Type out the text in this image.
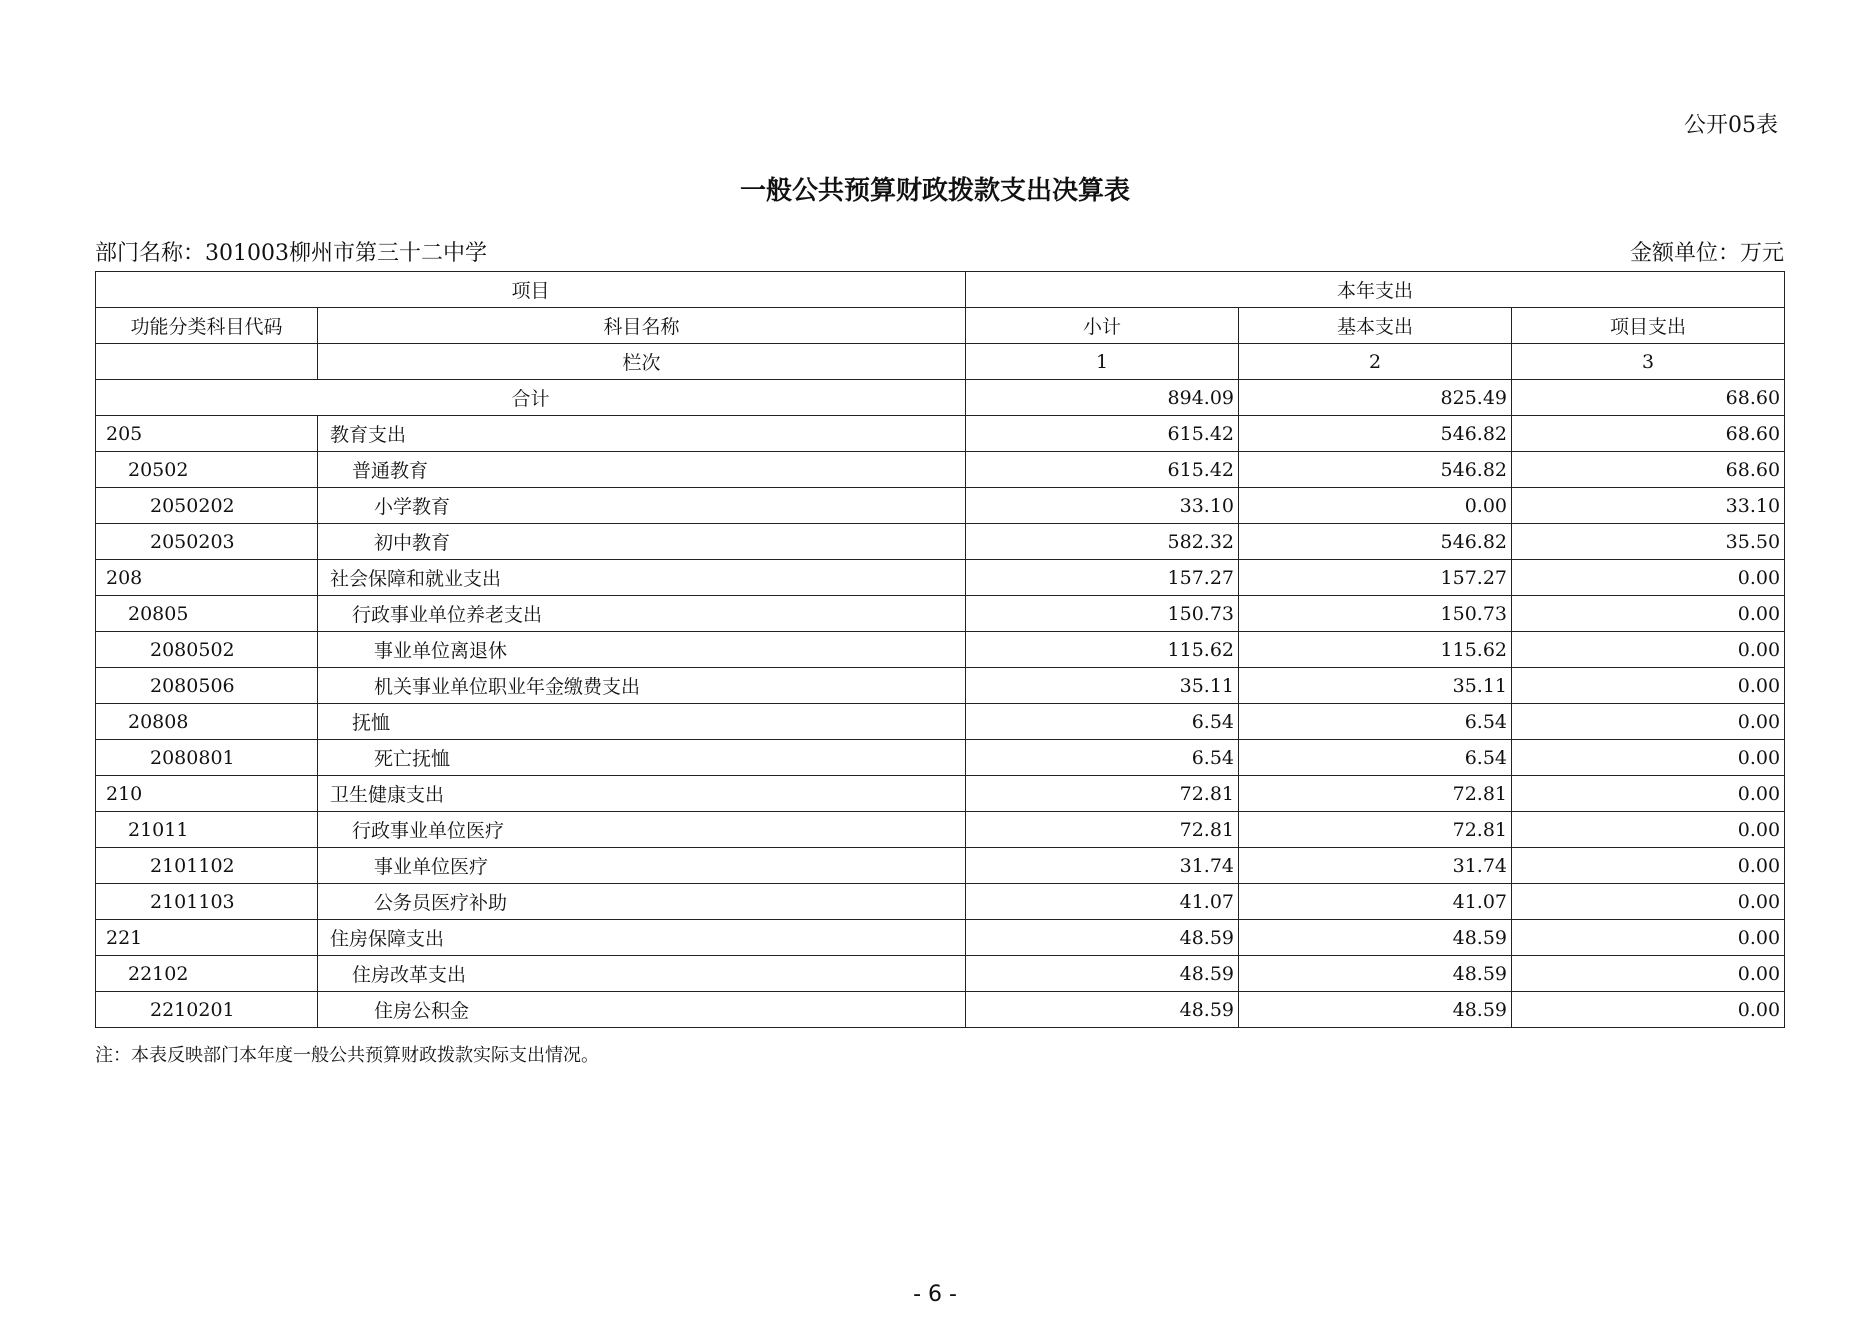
公开05表
一般公共预算财政拨款支出决算表
部门名称：301003柳州市第三十二中学	金额单位：万元
项目		本年支出		
功能分类科目代码	科目名称	小计	基本支出	项目支出
	栏次	1	2	3
合计		894.09	825.49	68.60
205	教育支出	615.42	546.82	68.60
20502	普通教育	615.42	546.82	68.60
2050202	小学教育	33.10	0.00	33.10
2050203	初中教育	582.32	546.82	35.50
208	社会保障和就业支出	157.27	157.27	0.00
20805	行政事业单位养老支出	150.73	150.73	0.00
2080502	事业单位离退休	115.62	115.62	0.00
2080506	机关事业单位职业年金缴费支出	35.11	35.11	0.00
20808	抚恤	6.54	6.54	0.00
2080801	死亡抚恤	6.54	6.54	0.00
210	卫生健康支出	72.81	72.81	0.00
21011	行政事业单位医疗	72.81	72.81	0.00
2101102	事业单位医疗	31.74	31.74	0.00
2101103	公务员医疗补助	41.07	41.07	0.00
221	住房保障支出	48.59	48.59	0.00
22102	住房改革支出	48.59	48.59	0.00
2210201	住房公积金	48.59	48.59	0.00
注：本表反映部门本年度一般公共预算财政拨款实际支出情况。
- 6 -
